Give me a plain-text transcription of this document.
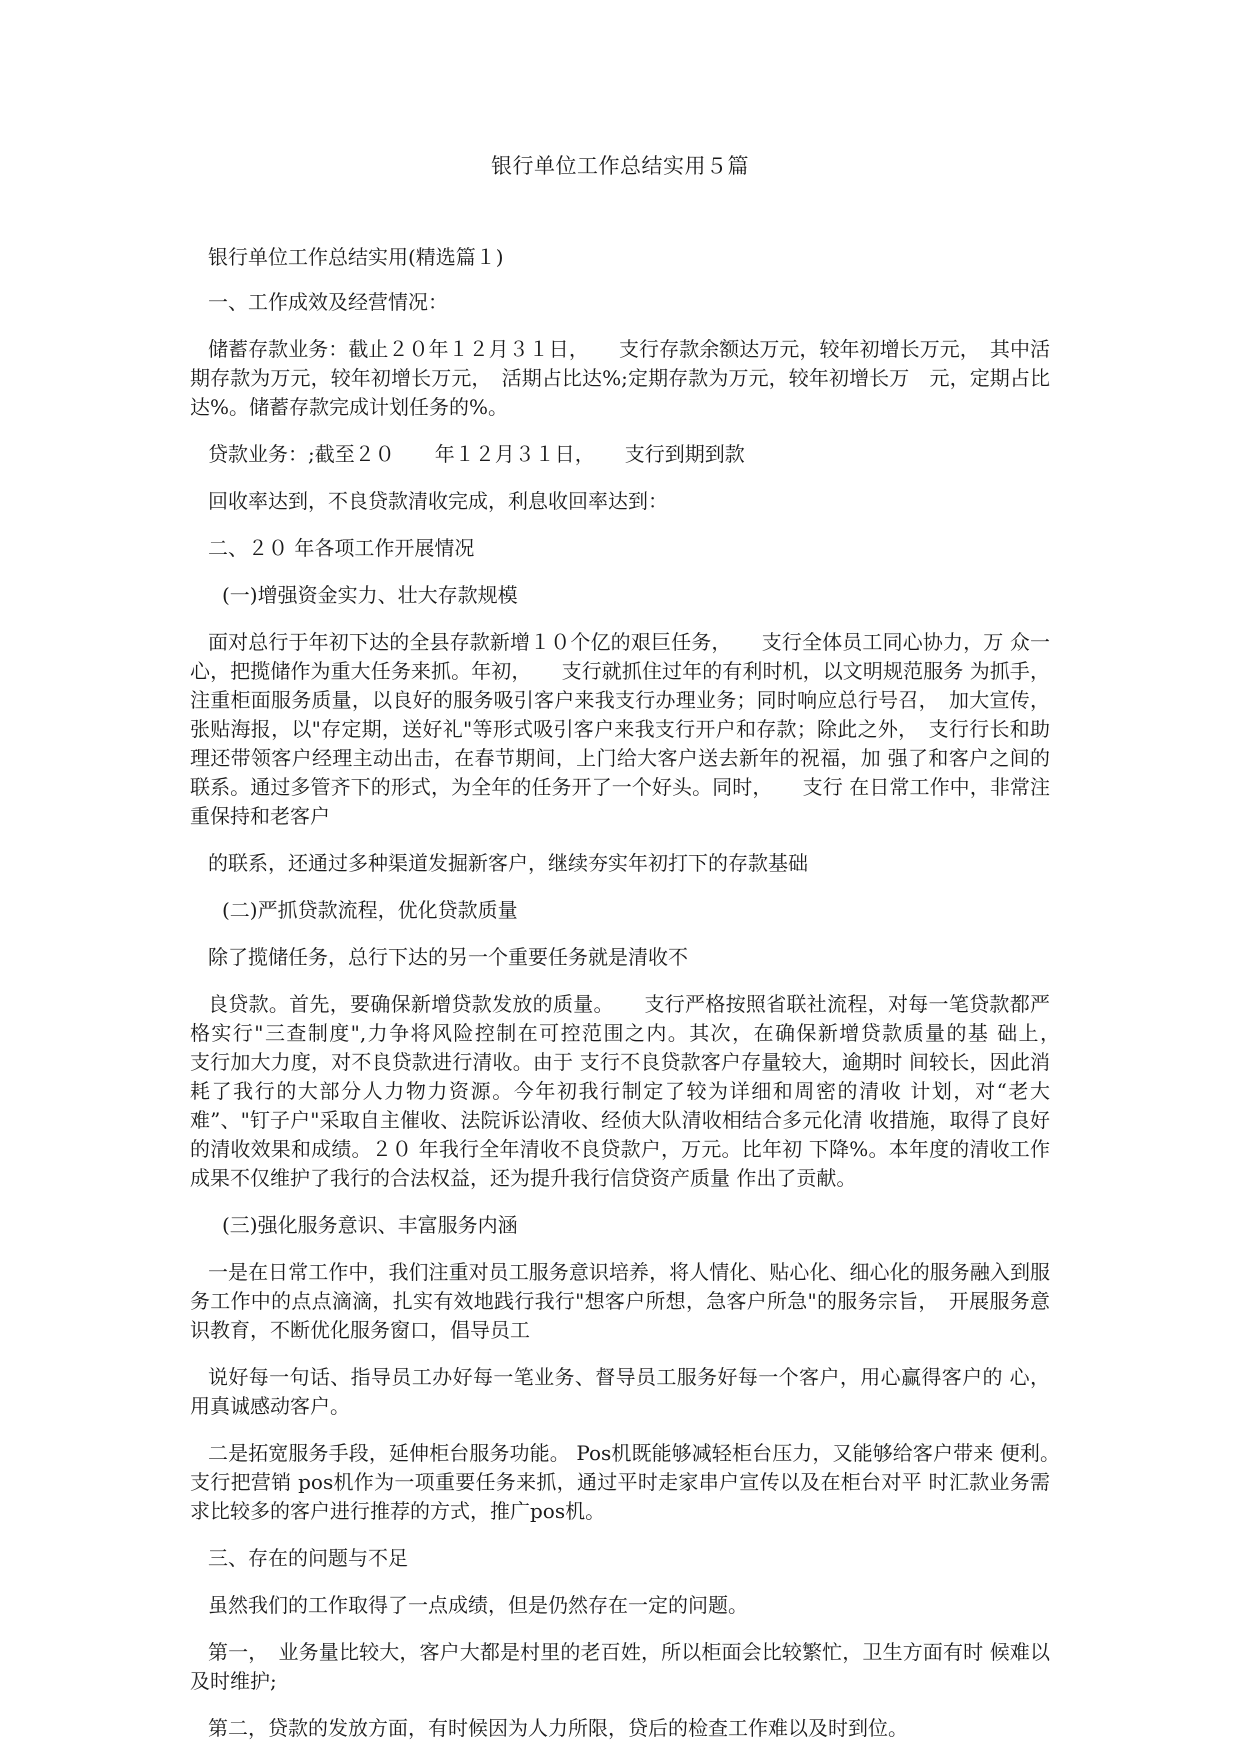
银行单位工作总结实用５篇

银行单位工作总结实用(精选篇１)

一、工作成效及经营情况：

储蓄存款业务：截止２０年１２月３１日，　　支行存款余额达万元，较年初增长万元，　其中活期存款为万元，较年初增长万元，　活期占比达%;定期存款为万元，较年初增长万　元，定期占比达%。储蓄存款完成计划任务的%。

贷款业务：;截至２０　　年１２月３１日，　　支行到期到款

回收率达到，不良贷款清收完成，利息收回率达到：

二、２０ 年各项工作开展情况

(一)增强资金实力、壮大存款规模

面对总行于年初下达的全县存款新增１０个亿的艰巨任务，　　支行全体员工同心协力，万 众一心，把揽储作为重大任务来抓。年初，　　支行就抓住过年的有利时机，以文明规范服务 为抓手，注重柜面服务质量，以良好的服务吸引客户来我支行办理业务；同时响应总行号召，　加大宣传，张贴海报，以"存定期，送好礼"等形式吸引客户来我支行开户和存款；除此之外，　支行行长和助理还带领客户经理主动出击，在春节期间，上门给大客户送去新年的祝福，加 强了和客户之间的联系。通过多管齐下的形式，为全年的任务开了一个好头。同时，　　支行 在日常工作中，非常注重保持和老客户

的联系，还通过多种渠道发掘新客户，继续夯实年初打下的存款基础

(二)严抓贷款流程，优化贷款质量

除了揽储任务，总行下达的另一个重要任务就是清收不

良贷款。首先，要确保新增贷款发放的质量。　　支行严格按照省联社流程，对每一笔贷款都严格实行"三查制度",力争将风险控制在可控范围之内。其次，在确保新增贷款质量的基 础上，　　支行加大力度，对不良贷款进行清收。由于 支行不良贷款客户存量较大，逾期时 间较长，因此消耗了我行的大部分人力物力资源。今年初我行制定了较为详细和周密的清收 计划，对“老大难”、"钉子户"采取自主催收、法院诉讼清收、经侦大队清收相结合多元化清 收措施，取得了良好的清收效果和成绩。２０ 年我行全年清收不良贷款户，万元。比年初 下降%。本年度的清收工作成果不仅维护了我行的合法权益，还为提升我行信贷资产质量 作出了贡献。

(三)强化服务意识、丰富服务内涵

一是在日常工作中，我们注重对员工服务意识培养，将人情化、贴心化、细心化的服务融入到服务工作中的点点滴滴，扎实有效地践行我行"想客户所想，急客户所急"的服务宗旨，　开展服务意识教育，不断优化服务窗口，倡导员工

说好每一句话、指导员工办好每一笔业务、督导员工服务好每一个客户，用心赢得客户的 心，用真诚感动客户。

二是拓宽服务手段，延伸柜台服务功能。 Pos机既能够减轻柜台压力，又能够给客户带来 便利。　　支行把营销 pos机作为一项重要任务来抓，通过平时走家串户宣传以及在柜台对平 时汇款业务需求比较多的客户进行推荐的方式，推广pos机。

三、存在的问题与不足

虽然我们的工作取得了一点成绩，但是仍然存在一定的问题。

第一，　业务量比较大，客户大都是村里的老百姓，所以柜面会比较繁忙，卫生方面有时 候难以及时维护;

第二，贷款的发放方面，有时候因为人力所限，贷后的检查工作难以及时到位。
